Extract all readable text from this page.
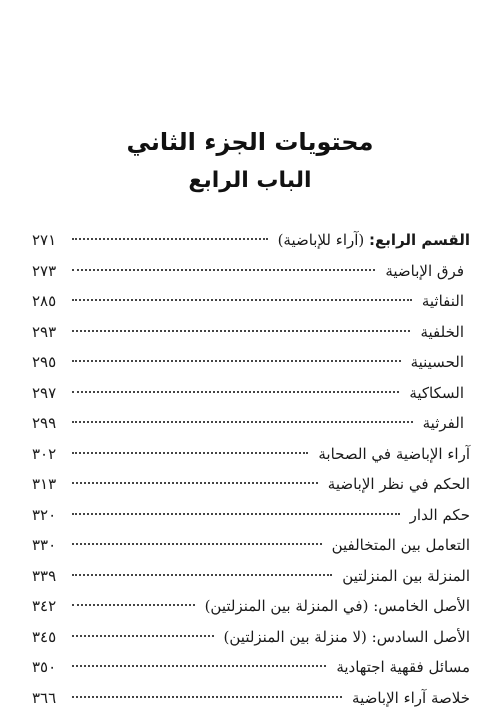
محتويات الجزء الثاني
الباب الرابع
القسم الرابع: (آراء للإباضية)
٢٧١
فرق الإباضية
٢٧٣
النفاثية
٢٨٥
الخلفية
٢٩٣
الحسينية
٢٩٥
السكاكية
٢٩٧
الفرثية
٢٩٩
آراء الإباضية في الصحابة
٣٠٢
الحكم في نظر الإباضية
٣١٣
حكم الدار
٣٢٠
التعامل بين المتخالفين
٣٣٠
المنزلة بين المنزلتين
٣٣٩
الأصل الخامس: (في المنزلة بين المنزلتين)
٣٤٢
الأصل السادس: (لا منزلة بين المنزلتين)
٣٤٥
مسائل فقهية اجتهادية
٣٥٠
خلاصة آراء الإباضية
٣٦٦
